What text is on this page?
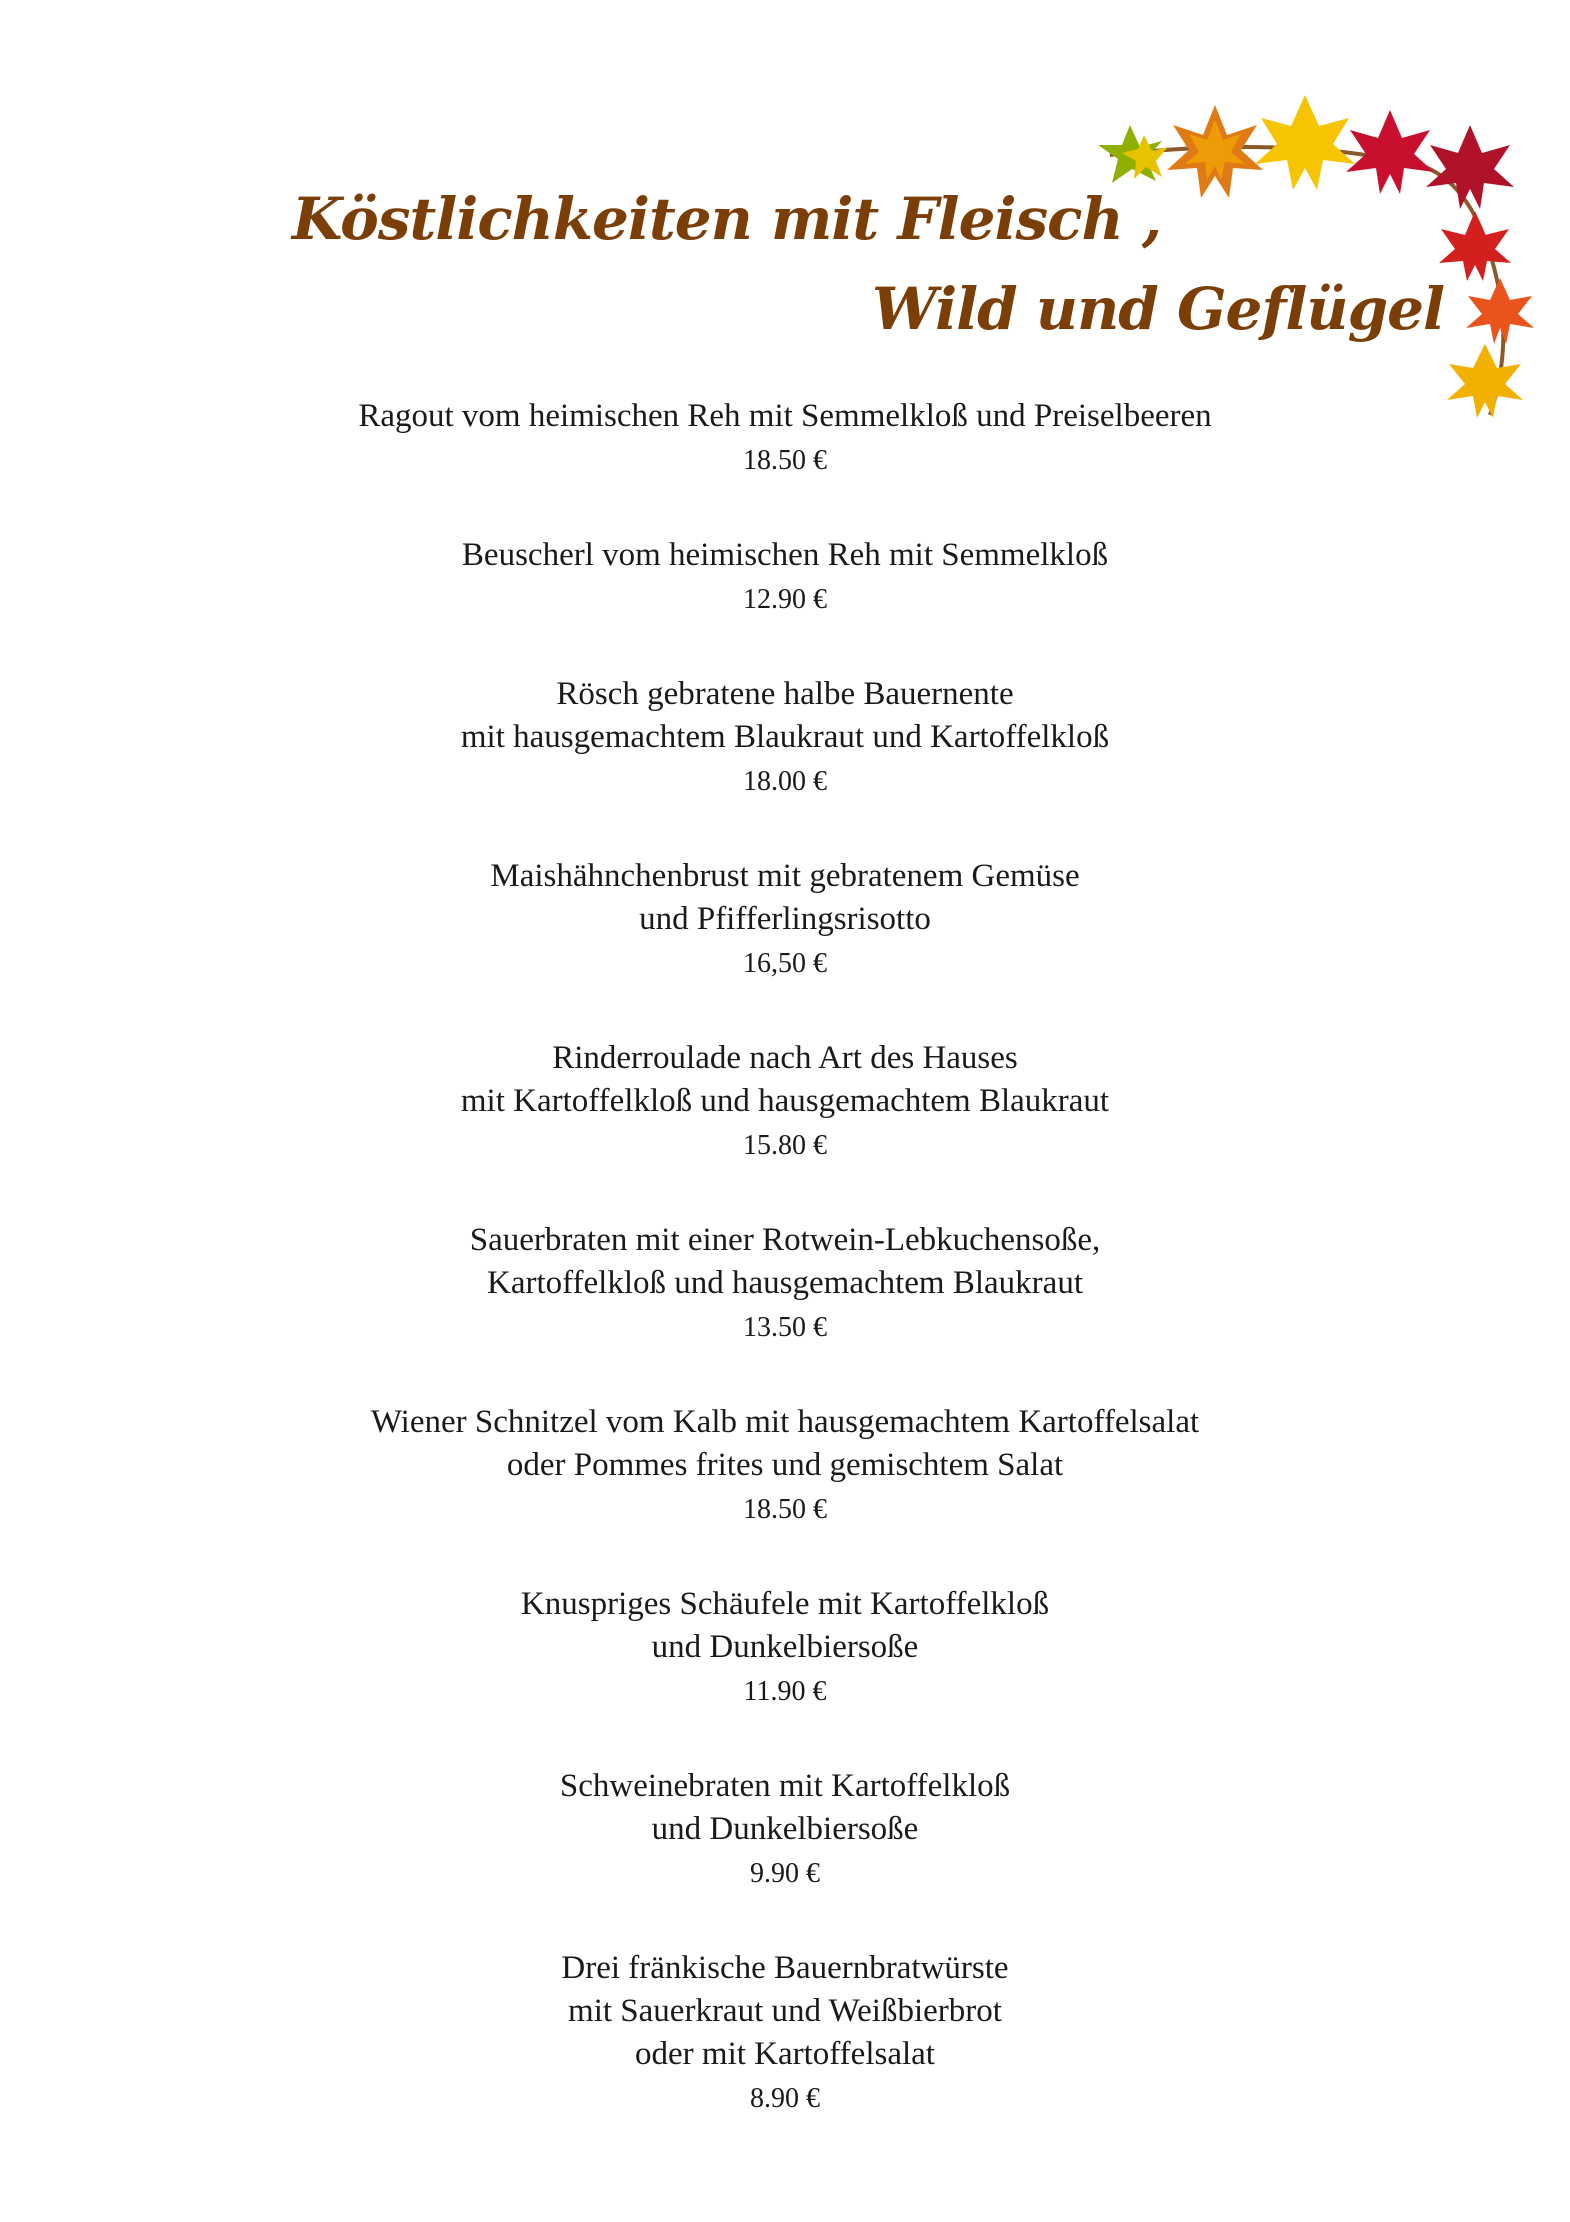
Köstlichkeiten mit Fleisch ,
Wild und Geflügel
Ragout vom heimischen Reh mit Semmelkloß und Preiselbeeren
18.50 €
Beuscherl vom heimischen Reh mit Semmelkloß
12.90 €
Rösch gebratene halbe Bauernente
mit hausgemachtem Blaukraut und Kartoffelkloß
18.00 €
Maishähnchenbrust mit gebratenem Gemüse
und Pfifferlingsrisotto
16,50 €
Rinderroulade nach Art des Hauses
mit Kartoffelkloß und hausgemachtem Blaukraut
15.80 €
Sauerbraten mit einer Rotwein-Lebkuchensoße,
Kartoffelkloß und hausgemachtem Blaukraut
13.50 €
Wiener Schnitzel vom Kalb mit hausgemachtem Kartoffelsalat
oder Pommes frites und gemischtem Salat
18.50 €
Knuspriges Schäufele mit Kartoffelkloß
und Dunkelbiersoße
11.90 €
Schweinebraten mit Kartoffelkloß
und Dunkelbiersoße
9.90 €
Drei fränkische Bauernbratwürste
mit Sauerkraut und Weißbierbrot
oder mit Kartoffelsalat
8.90 €
